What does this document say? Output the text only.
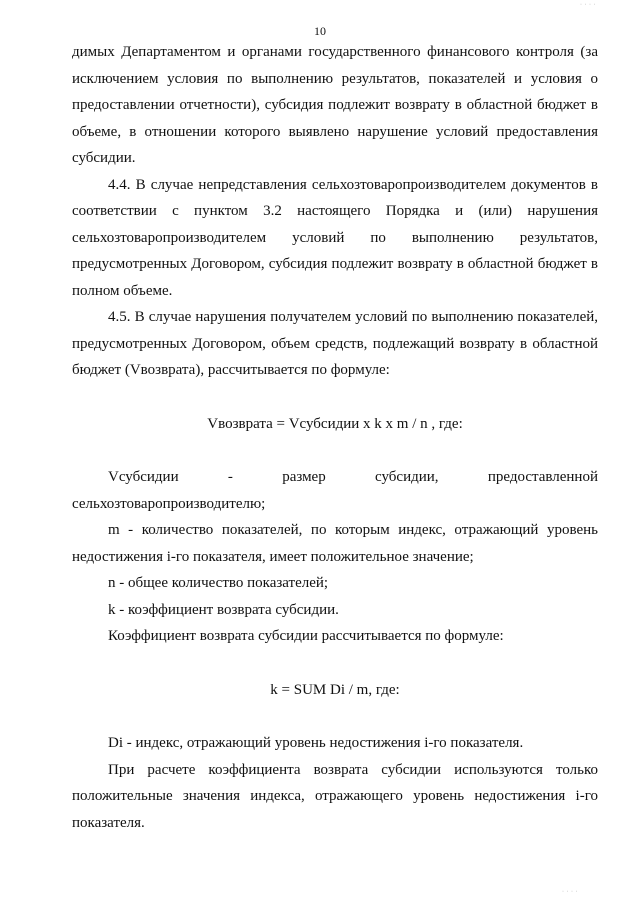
· · · ·
10

димых Департаментом и органами государственного финансового контроля (за исключением условия по выполнению результатов, показателей и условия о предоставлении отчетности), субсидия подлежит возврату в областной бюджет в объеме, в отношении которого выявлено нарушение условий предоставления субсидии.

4.4. В случае непредставления сельхозтоваропроизводителем документов в соответствии с пунктом 3.2 настоящего Порядка и (или) нарушения сельхозтоваропроизводителем условий по выполнению результатов, предусмотренных Договором, субсидия подлежит возврату в областной бюджет в полном объеме.

4.5. В случае нарушения получателем условий по выполнению показателей, предусмотренных Договором, объем средств, подлежащий возврату в областной бюджет (Vвозврата), рассчитывается по формуле:

Vвозврата = Vсубсидии x k x m / n , где:

Vсубсидии - размер субсидии, предоставленной сельхозтоваропроизводителю;

m - количество показателей, по которым индекс, отражающий уровень недостижения i-го показателя, имеет положительное значение;

n - общее количество показателей;

k - коэффициент возврата субсидии.

Коэффициент возврата субсидии рассчитывается по формуле:

k = SUM Di / m, где:

Di - индекс, отражающий уровень недостижения i-го показателя.

При расчете коэффициента возврата субсидии используются только положительные значения индекса, отражающего уровень недостижения i-го показателя.

· · · ·
